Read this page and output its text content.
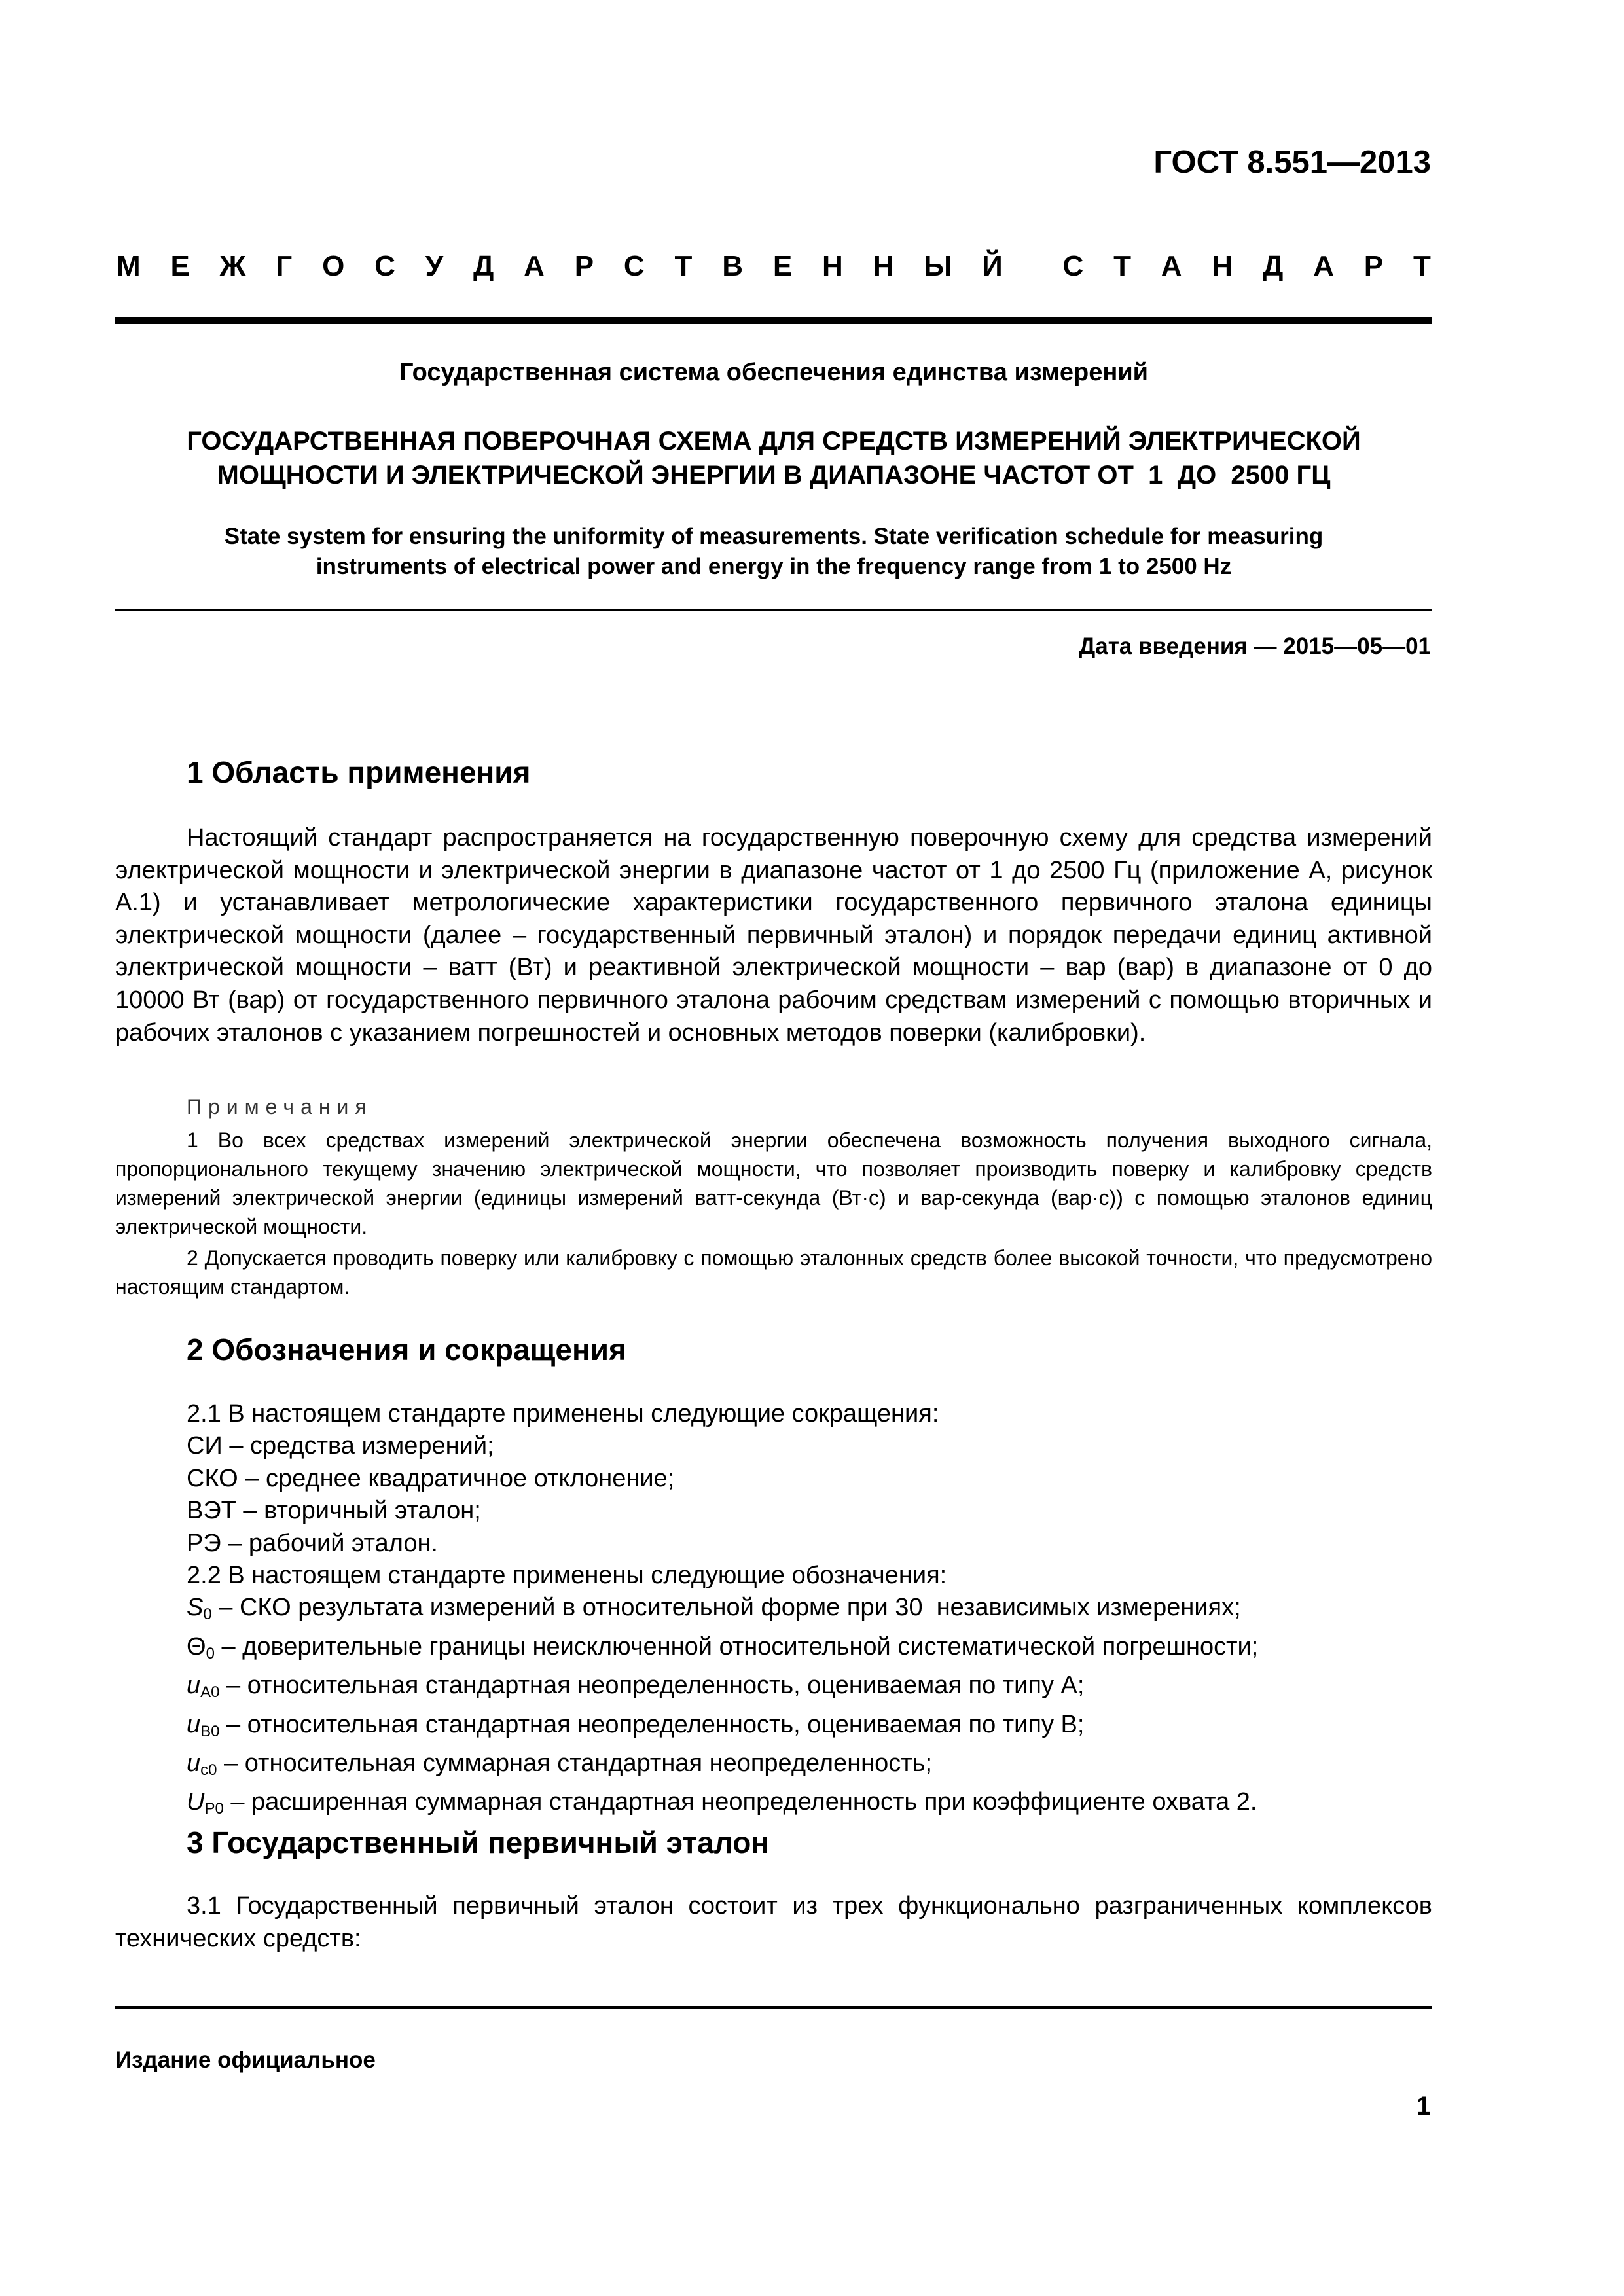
ГОСТ 8.551—2013

М Е Ж Г О С У Д А Р С Т В Е Н Н Ы Й С Т А Н Д А Р Т

Государственная система обеспечения единства измерений

ГОСУДАРСТВЕННАЯ ПОВЕРОЧНАЯ СХЕМА ДЛЯ СРЕДСТВ ИЗМЕРЕНИЙ ЭЛЕКТРИЧЕСКОЙ
МОЩНОСТИ И ЭЛЕКТРИЧЕСКОЙ ЭНЕРГИИ В ДИАПАЗОНЕ ЧАСТОТ ОТ  1  ДО  2500 ГЦ
State system for ensuring the uniformity of measurements. State verification schedule for measuring
instruments of electrical power and energy in the frequency range from 1 to 2500 Hz

Дата введения — 2015—05—01

1 Область применения

Настоящий стандарт распространяется на государственную поверочную схему для средства измерений электрической мощности и электрической энергии в диапазоне частот от 1 до 2500 Гц (приложение А, рисунок А.1) и устанавливает метрологические характеристики государственного первичного эталона единицы электрической мощности (далее – государственный первичный эталон) и порядок передачи единиц активной электрической мощности – ватт (Вт) и реактивной электрической мощности – вар (вар) в диапазоне от 0 до 10000 Вт (вар) от государственного первичного эталона рабочим средствам измерений с помощью вторичных и рабочих эталонов с указанием погрешностей и основных методов поверки (калибровки).

Примечания

1 Во всех средствах измерений электрической энергии обеспечена возможность получения выходного сигнала, пропорционального текущему значению электрической мощности, что позволяет производить поверку и калибровку средств измерений электрической энергии (единицы измерений ватт-секунда (Вт·с) и вар-секунда (вар·с)) с помощью эталонов единиц электрической мощности.

2 Допускается проводить поверку или калибровку с помощью эталонных средств более высокой точности, что предусмотрено настоящим стандартом.

2 Обозначения и сокращения
2.1 В настоящем стандарте применены следующие сокращения:
СИ – средства измерений;
СКО – среднее квадратичное отклонение;
ВЭТ – вторичный эталон;
РЭ – рабочий эталон.
2.2 В настоящем стандарте применены следующие обозначения:
$S_0$ – СКО результата измерений в относительной форме при 30  независимых измерениях;
$\Theta_0$ – доверительные границы неисключенной относительной систематической погрешности;
$u_{A0}$ – относительная стандартная неопределенность, оцениваемая по типу А;
$u_{B0}$ – относительная стандартная неопределенность, оцениваемая по типу В;
$u_{c0}$ – относительная суммарная стандартная неопределенность;
$U_{P0}$ – расширенная суммарная стандартная неопределенность при коэффициенте охвата 2.
3 Государственный первичный эталон

3.1 Государственный первичный эталон состоит из трех функционально разграниченных комплексов технических средств:

Издание официальное

1
